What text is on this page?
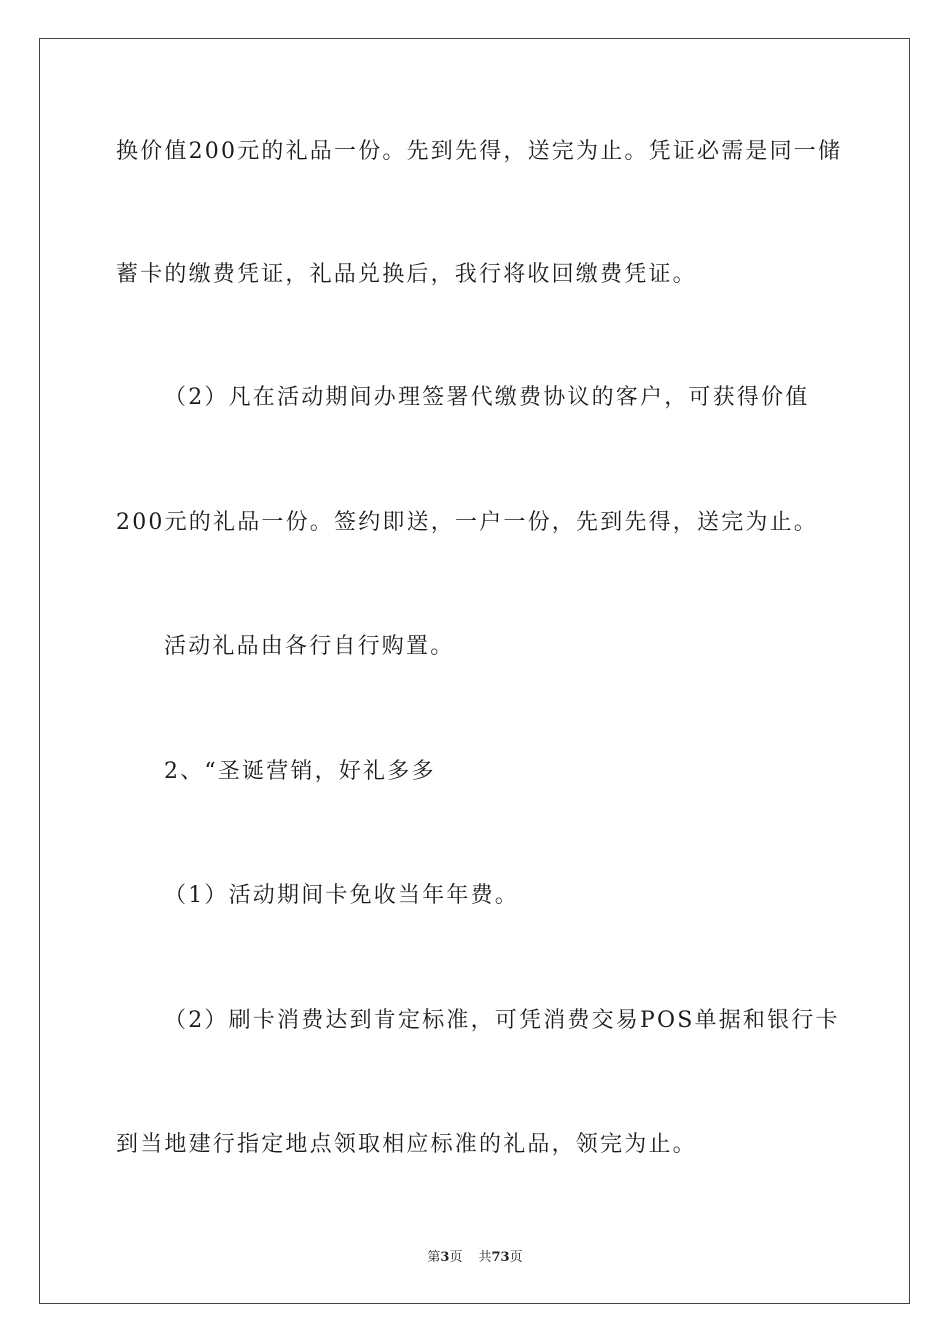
换价值200元的礼品一份。先到先得，送完为止。凭证必需是同一储
蓄卡的缴费凭证，礼品兑换后，我行将收回缴费凭证。
（2）凡在活动期间办理签署代缴费协议的客户，可获得价值
200元的礼品一份。签约即送，一户一份，先到先得，送完为止。
活动礼品由各行自行购置。
2、“圣诞营销，好礼多多
（1）活动期间卡免收当年年费。
（2）刷卡消费达到肯定标准，可凭消费交易POS单据和银行卡
到当地建行指定地点领取相应标准的礼品，领完为止。
第3页 共73页
